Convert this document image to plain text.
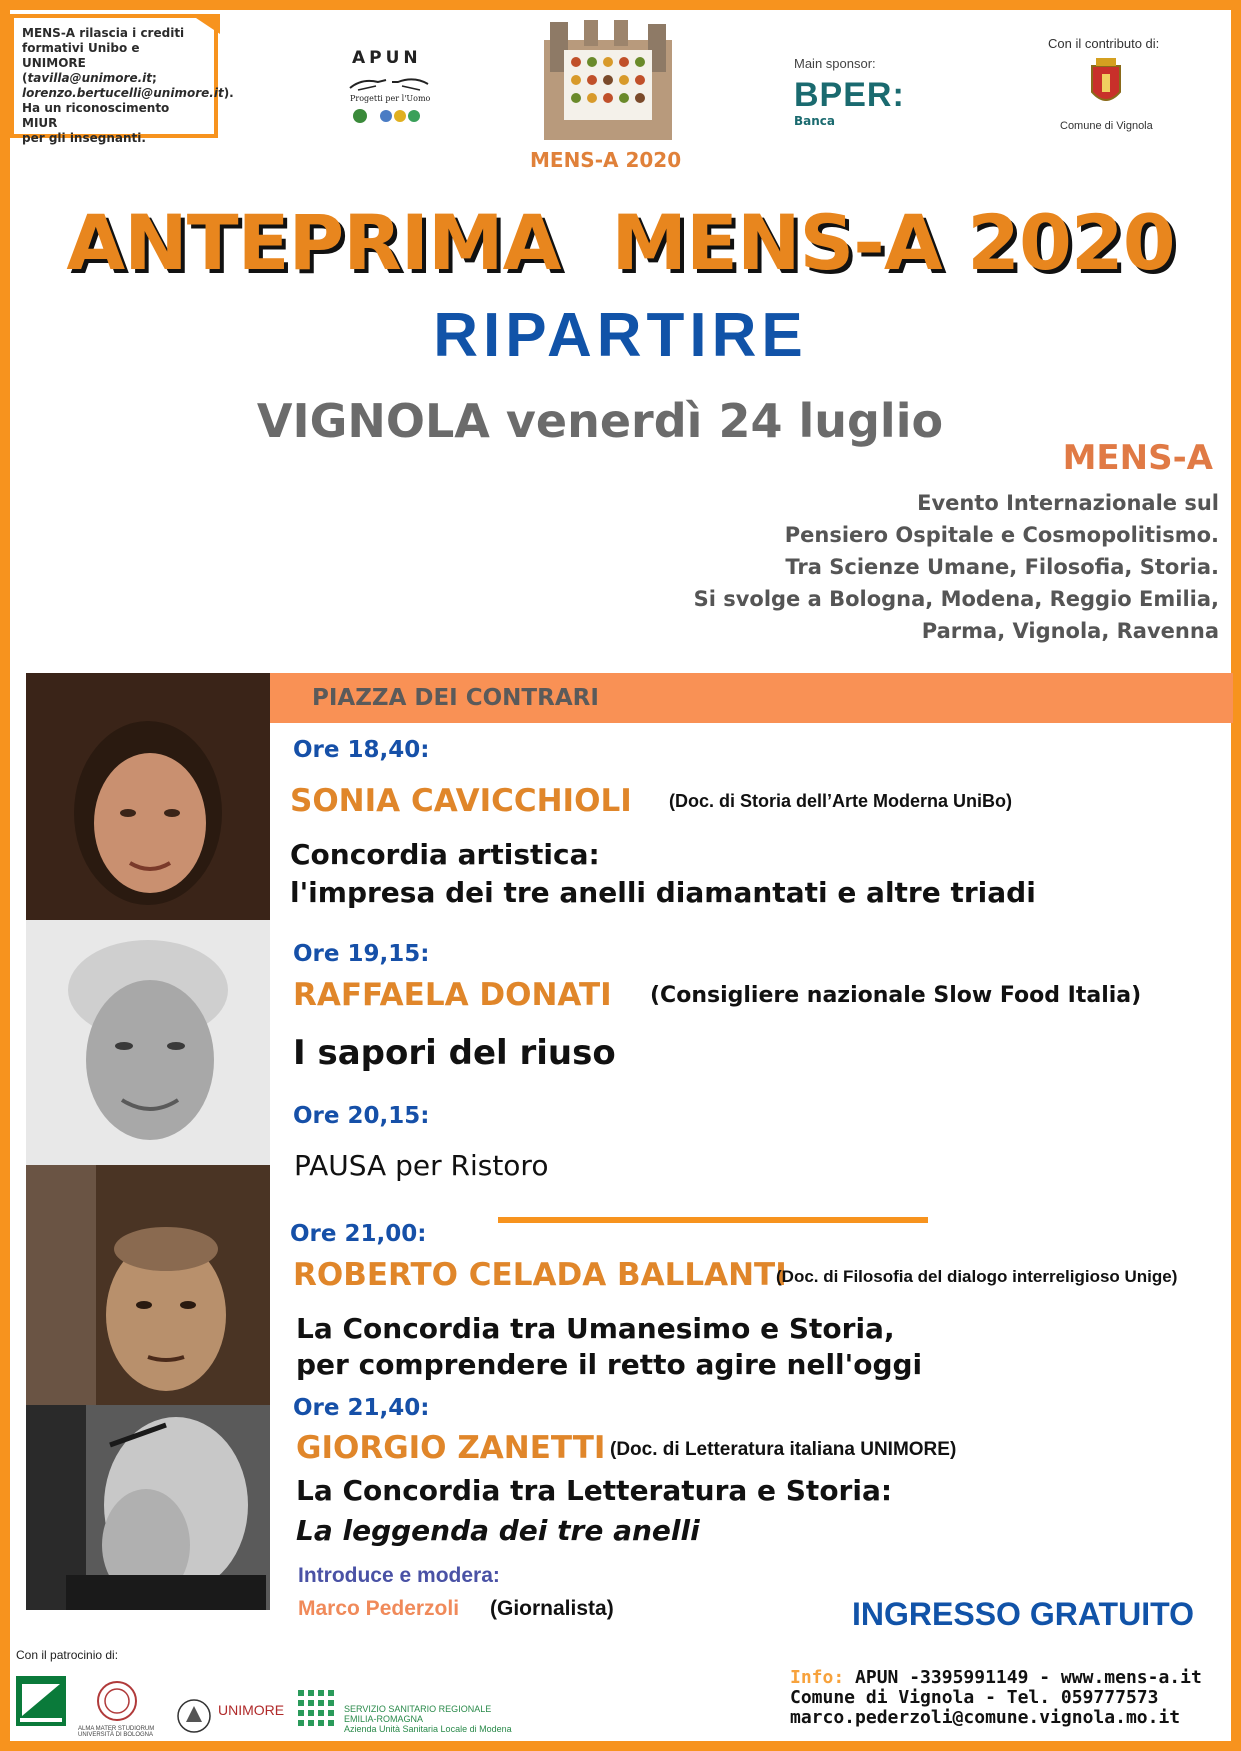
MENS-A rilascia i crediti
formativi Unibo e UNIMORE
(tavilla@unimore.it;
lorenzo.bertucelli@unimore.it).
Ha un riconoscimento MIUR
per gli insegnanti.
APUN
Progetti per l'Uomo
MENS-A 2020
Main sponsor:
BPER:
Banca
Con il contributo di:
Comune di Vignola
ANTEPRIMA  MENS-A 2020
RIPARTIRE
VIGNOLA venerdì 24 luglio
MENS-A
Evento Internazionale sul
Pensiero Ospitale e Cosmopolitismo.
Tra Scienze Umane, Filosofia, Storia.
Si svolge a Bologna, Modena, Reggio Emilia,
Parma, Vignola, Ravenna
PIAZZA DEI CONTRARI
Ore 18,40:
SONIA CAVICCHIOLI (Doc. di Storia dell’Arte Moderna UniBo)
Concordia artistica:
l'impresa dei tre anelli diamantati e altre triadi
Ore 19,15:
RAFFAELA DONATI (Consigliere nazionale Slow Food Italia)
I sapori del riuso
Ore 20,15:
PAUSA per Ristoro
Ore 21,00:
ROBERTO CELADA BALLANTI
(Doc. di Filosofia del dialogo interreligioso Unige)
La Concordia tra Umanesimo e Storia,
per comprendere il retto agire nell'oggi
Ore 21,40:
GIORGIO ZANETTI (Doc. di Letteratura italiana UNIMORE)
La Concordia tra Letteratura e Storia:
La leggenda dei tre anelli
Introduce e modera:
Marco Pederzoli (Giornalista)	INGRESSO GRATUITO
Con il patrocinio di:
ALMA MATER STUDIORUM UNIVERSITÀ DI BOLOGNA
UNIMORE	SERVIZIO SANITARIO REGIONALE
EMILIA-ROMAGNA
Azienda Unità Sanitaria Locale di Modena
Info: APUN -3395991149 - www.mens-a.it
Comune di Vignola - Tel. 059777573
marco.pederzoli@comune.vignola.mo.it
